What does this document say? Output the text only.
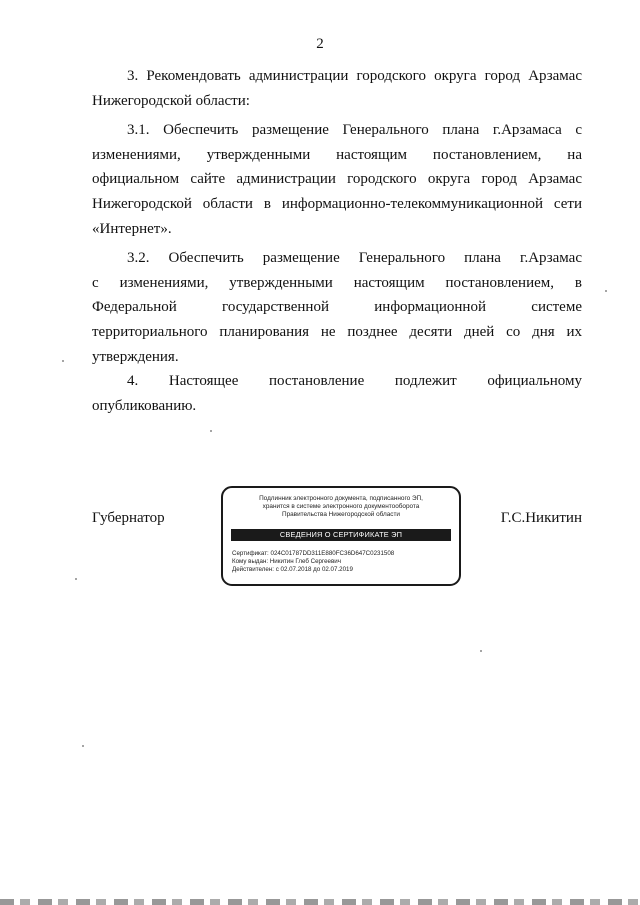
2
3. Рекомендовать администрации городского округа город Арзамас
Нижегородской области:
3.1. Обеспечить размещение Генерального плана г.Арзамаса с
изменениями, утвержденными настоящим постановлением, на
официальном сайте администрации городского округа город Арзамас
Нижегородской области в информационно-телекоммуникационной сети
«Интернет».
3.2. Обеспечить размещение Генерального плана г.Арзамас
с изменениями, утвержденными настоящим постановлением, в
Федеральной государственной информационной системе
территориального планирования не позднее десяти дней со дня их
утверждения.
4. Настоящее постановление подлежит официальному
опубликованию.
Губернатор	Г.С.Никитин
Подлинник электронного документа, подписанного ЭП,
хранится в системе электронного документооборота
Правительства Нижегородской области
СВЕДЕНИЯ О СЕРТИФИКАТЕ ЭП
Сертификат: 024C01787DD311E880FC36D647C0231508
Кому выдан: Никитин Глеб Сергеевич
Действителен: с 02.07.2018 до 02.07.2019
